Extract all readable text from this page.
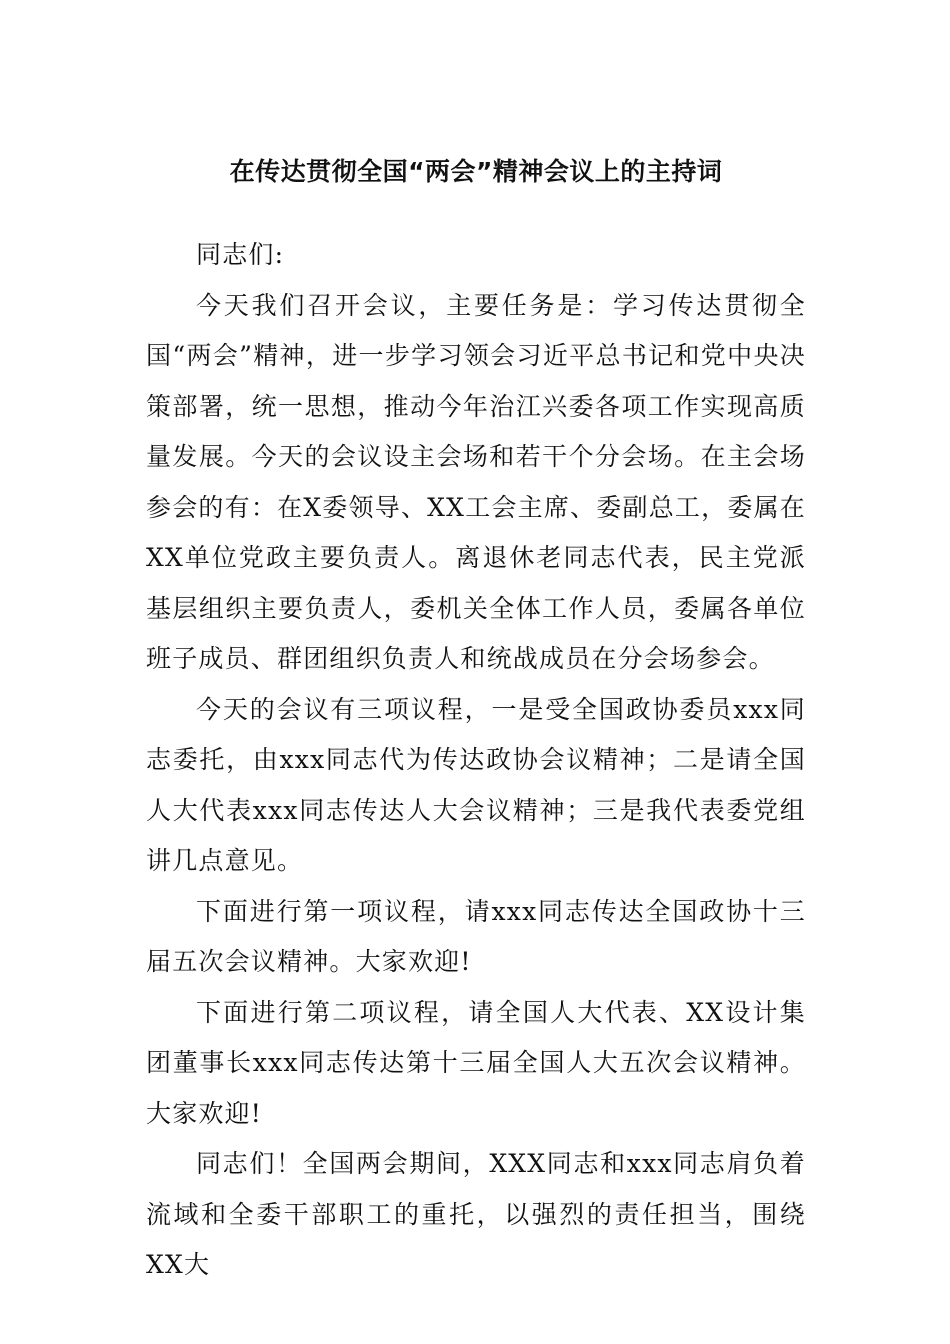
在传达贯彻全国“两会”精神会议上的主持词

同志们:

今天我们召开会议，主要任务是：学习传达贯彻全国“两会”精神，进一步学习领会习近平总书记和党中央决策部署，统一思想，推动今年治江兴委各项工作实现高质量发展。今天的会议设主会场和若干个分会场。在主会场参会的有：在X委领导、XX工会主席、委副总工，委属在XX单位党政主要负责人。离退休老同志代表，民主党派基层组织主要负责人，委机关全体工作人员，委属各单位班子成员、群团组织负责人和统战成员在分会场参会。

今天的会议有三项议程，一是受全国政协委员xxx同志委托，由xxx同志代为传达政协会议精神；二是请全国人大代表xxx同志传达人大会议精神；三是我代表委党组讲几点意见。

下面进行第一项议程，请xxx同志传达全国政协十三届五次会议精神。大家欢迎!

下面进行第二项议程，请全国人大代表、XX设计集团董事长xxx同志传达第十三届全国人大五次会议精神。大家欢迎!

同志们！全国两会期间，XXX同志和xxx同志肩负着流域和全委干部职工的重托，以强烈的责任担当，围绕XX大
